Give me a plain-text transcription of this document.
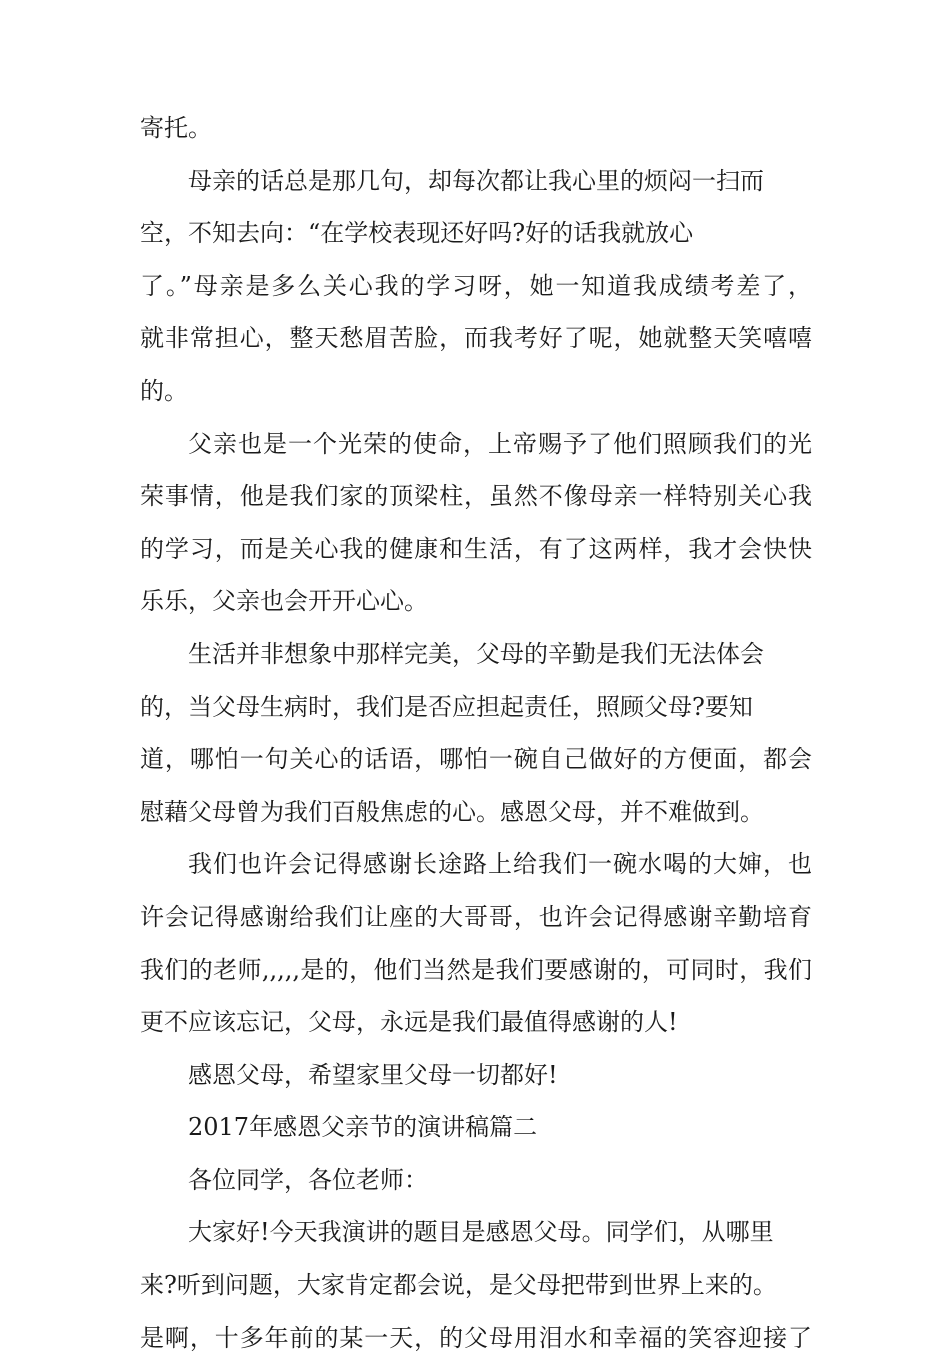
寄托。
母亲的话总是那几句，却每次都让我心里的烦闷一扫而
空，不知去向：“在学校表现还好吗?好的话我就放心
了。”母亲是多么关心我的学习呀，她一知道我成绩考差了，
就非常担心，整天愁眉苦脸，而我考好了呢，她就整天笑嘻嘻
的。
父亲也是一个光荣的使命，上帝赐予了他们照顾我们的光
荣事情，他是我们家的顶梁柱，虽然不像母亲一样特别关心我
的学习，而是关心我的健康和生活，有了这两样，我才会快快
乐乐，父亲也会开开心心。
生活并非想象中那样完美，父母的辛勤是我们无法体会
的，当父母生病时，我们是否应担起责任，照顾父母?要知
道，哪怕一句关心的话语，哪怕一碗自己做好的方便面，都会
慰藉父母曾为我们百般焦虑的心。感恩父母，并不难做到。
我们也许会记得感谢长途路上给我们一碗水喝的大婶，也
许会记得感谢给我们让座的大哥哥，也许会记得感谢辛勤培育
我们的老师,,,,,是的，他们当然是我们要感谢的，可同时，我们
更不应该忘记，父母，永远是我们最值得感谢的人!
感恩父母，希望家里父母一切都好!
2017年感恩父亲节的演讲稿篇二
各位同学，各位老师：
大家好!今天我演讲的题目是感恩父母。同学们，从哪里
来?听到问题，大家肯定都会说，是父母把带到世界上来的。
是啊，十多年前的某一天，的父母用泪水和幸福的笑容迎接了
